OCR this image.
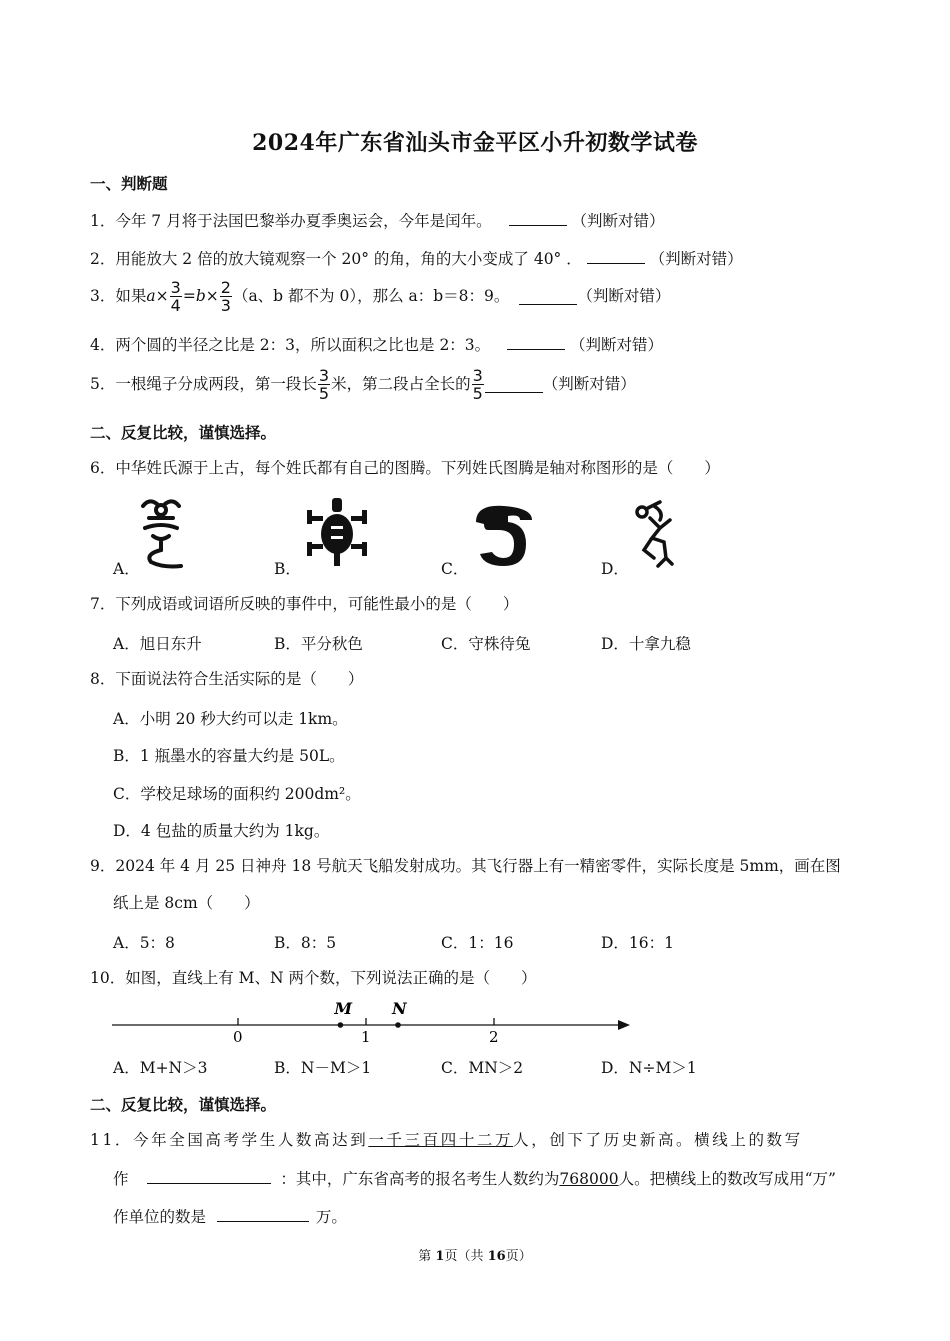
2024年广东省汕头市金平区小升初数学试卷
一、判断题
1．今年 7 月将于法国巴黎举办夏季奥运会，今年是闰年。	（判断对错）
2．用能放大 2 倍的放大镜观察一个 20° 的角，角的大小变成了 40° ．	（判断对错）
3．如果 $a \times \frac{3}{4} = b \times \frac{2}{3} (a$、b 都不为 0），那么 a：b＝8：9。	（判断对错）
4．两个圆的半径之比是 2：3，所以面积之比也是 2：3。	（判断对错）
5．一根绳子分成两段，第一段长 $\frac{3}{5}$ 米，第二段占全长的 $\frac{3}{5}$	（判断对错）
二、反复比较，谨慎选择。
6．中华姓氏源于上古，每个姓氏都有自己的图腾。下列姓氏图腾是轴对称图形的是（　　）
A．	B．	C．	D．
7．下列成语或词语所反映的事件中，可能性最小的是（　　）
A．旭日东升	B．平分秋色	C．守株待兔	D．十拿九稳
8．下面说法符合生活实际的是（　　）
A．小明 20 秒大约可以走 1km。
B．1 瓶墨水的容量大约是 50L。
C．学校足球场的面积约 200dm²。
D．4 包盐的质量大约为 1kg。
9．2024 年 4 月 25 日神舟 18 号航天飞船发射成功。其飞行器上有一精密零件，实际长度是 5mm，画在图
纸上是 8cm（　　）
A．5：8	B．8：5	C．1：16	D．16：1
10．如图，直线上有 M、N 两个数，下列说法正确的是（　　）
0	1	2
M N
A．M+N＞3	B．N－M＞1	C．MN＞2	D．N÷M＞1
二、反复比较，谨慎选择。
11．今年全国高考学生人数高达到一千三百四十二万人，创下了历史新高。横线上的数写
作	：其中，广东省高考的报名考生人数约为768000人。把横线上的数改写成用“万”
作单位的数是	万。
第 1页（共 16页）
